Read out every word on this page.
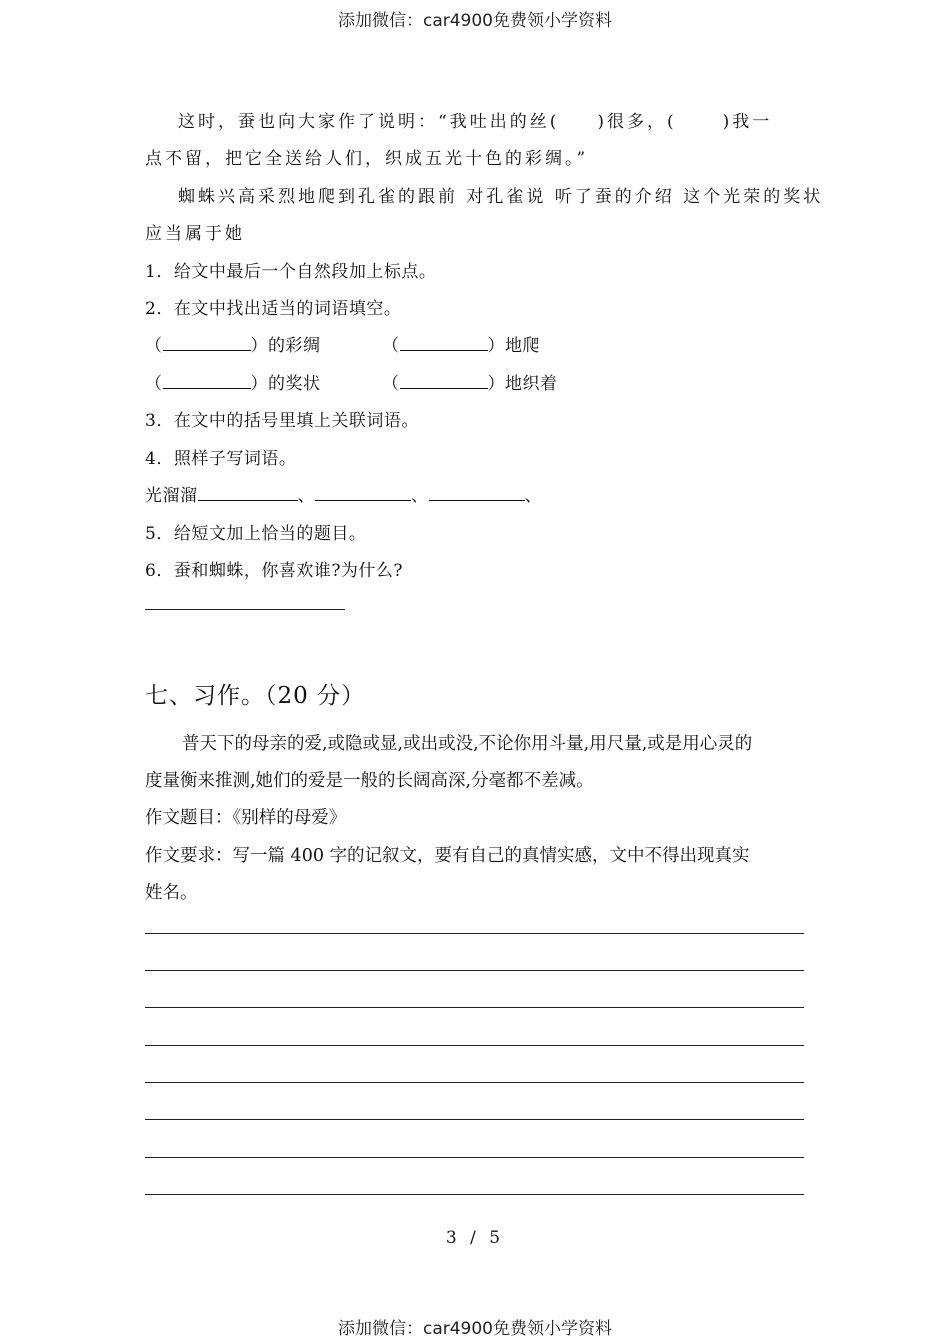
添加微信：car4900免费领小学资料
这时，蚕也向大家作了说明：“我吐出的丝( )很多，(	)我一
点不留，把它全送给人们，织成五光十色的彩绸。”
蜘蛛兴高采烈地爬到孔雀的跟前 对孔雀说 听了蚕的介绍 这个光荣的奖状
应当属于她
1．给文中最后一个自然段加上标点。
2．在文中找出适当的词语填空。
（	）的彩绸	（	）地爬
（	）的奖状	（	）地织着
3．在文中的括号里填上关联词语。
4．照样子写词语。
光溜溜	、	、	、
5．给短文加上恰当的题目。
6．蚕和蜘蛛，你喜欢谁?为什么?
七、习作。（20 分）
普天下的母亲的爱,或隐或显,或出或没,不论你用斗量,用尺量,或是用心灵的
度量衡来推测,她们的爱是一般的长阔高深,分毫都不差减。
作文题目：《别样的母爱》
作文要求：写一篇 400 字的记叙文，要有自己的真情实感，文中不得出现真实
姓名。
3 / 5
添加微信：car4900免费领小学资料
